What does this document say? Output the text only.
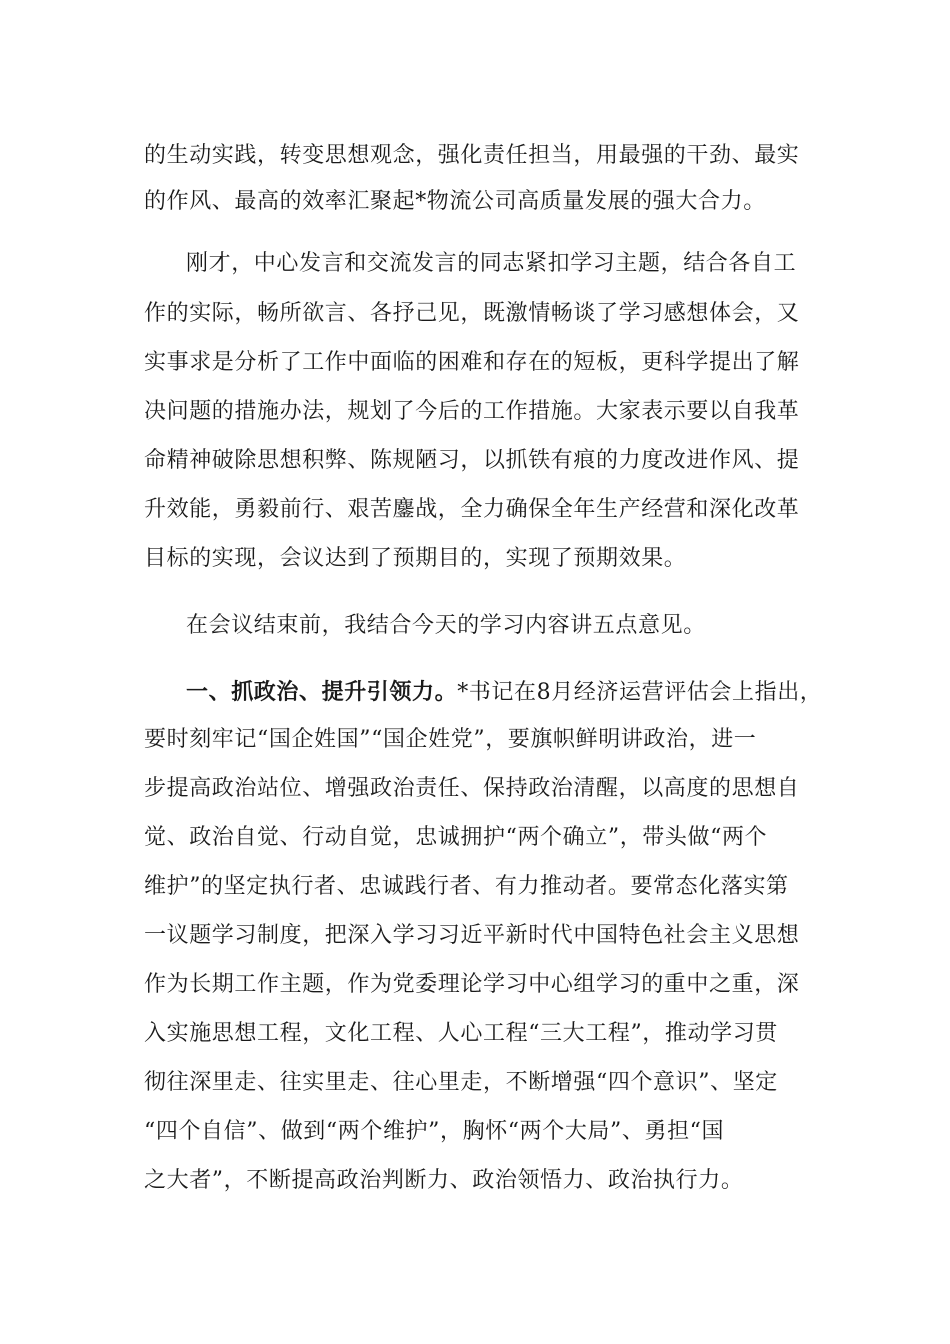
的生动实践，转变思想观念，强化责任担当，用最强的干劲、最实
的作风、最高的效率汇聚起*物流公司高质量发展的强大合力。
刚才，中心发言和交流发言的同志紧扣学习主题，结合各自工
作的实际，畅所欲言、各抒己见，既激情畅谈了学习感想体会，又
实事求是分析了工作中面临的困难和存在的短板，更科学提出了解
决问题的措施办法，规划了今后的工作措施。大家表示要以自我革
命精神破除思想积弊、陈规陋习，以抓铁有痕的力度改进作风、提
升效能，勇毅前行、艰苦鏖战，全力确保全年生产经营和深化改革
目标的实现，会议达到了预期目的，实现了预期效果。
在会议结束前，我结合今天的学习内容讲五点意见。
一、抓政治、提升引领力。*书记在8月经济运营评估会上指出，
要时刻牢记“国企姓国”“国企姓党”，要旗帜鲜明讲政治，进一
步提高政治站位、增强政治责任、保持政治清醒，以高度的思想自
觉、政治自觉、行动自觉，忠诚拥护“两个确立”，带头做“两个
维护”的坚定执行者、忠诚践行者、有力推动者。要常态化落实第
一议题学习制度，把深入学习习近平新时代中国特色社会主义思想
作为长期工作主题，作为党委理论学习中心组学习的重中之重，深
入实施思想工程，文化工程、人心工程“三大工程”，推动学习贯
彻往深里走、往实里走、往心里走，不断增强“四个意识”、坚定
“四个自信”、做到“两个维护”，胸怀“两个大局”、勇担“国
之大者”，不断提高政治判断力、政治领悟力、政治执行力。
